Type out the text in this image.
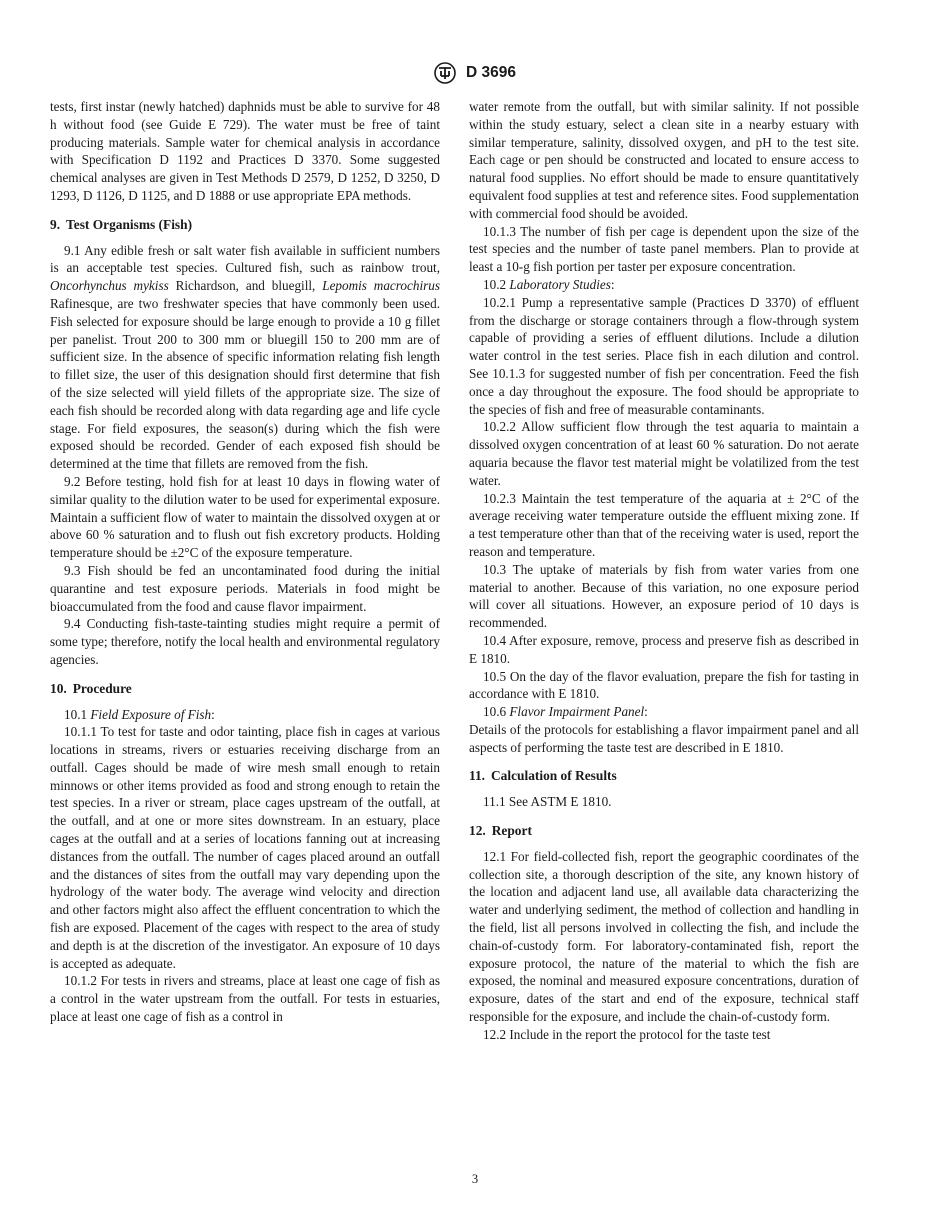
D 3696

tests, first instar (newly hatched) daphnids must be able to survive for 48 h without food (see Guide E 729). The water must be free of taint producing materials. Sample water for chemical analysis in accordance with Specification D 1192 and Practices D 3370. Some suggested chemical analyses are given in Test Methods D 2579, D 1252, D 3250, D 1293, D 1126, D 1125, and D 1888 or use appropriate EPA methods.

9. Test Organisms (Fish)

9.1 Any edible fresh or salt water fish available in sufficient numbers is an acceptable test species. Cultured fish, such as rainbow trout, Oncorhynchus mykiss Richardson, and bluegill, Lepomis macrochirus Rafinesque, are two freshwater species that have commonly been used. Fish selected for exposure should be large enough to provide a 10 g fillet per panelist. Trout 200 to 300 mm or bluegill 150 to 200 mm are of sufficient size. In the absence of specific information relating fish length to fillet size, the user of this designation should first determine that fish of the size selected will yield fillets of the appropriate size. The size of each fish should be recorded along with data regarding age and life cycle stage. For field exposures, the season(s) during which the fish were exposed should be recorded. Gender of each exposed fish should be determined at the time that fillets are removed from the fish.

9.2 Before testing, hold fish for at least 10 days in flowing water of similar quality to the dilution water to be used for experimental exposure. Maintain a sufficient flow of water to maintain the dissolved oxygen at or above 60 % saturation and to flush out fish excretory products. Holding temperature should be ±2°C of the exposure temperature.

9.3 Fish should be fed an uncontaminated food during the initial quarantine and test exposure periods. Materials in food might be bioaccumulated from the food and cause flavor impairment.

9.4 Conducting fish-taste-tainting studies might require a permit of some type; therefore, notify the local health and environmental regulatory agencies.

10. Procedure

10.1 Field Exposure of Fish:

10.1.1 To test for taste and odor tainting, place fish in cages at various locations in streams, rivers or estuaries receiving discharge from an outfall. Cages should be made of wire mesh small enough to retain minnows or other items provided as food and strong enough to retain the test species. In a river or stream, place cages upstream of the outfall, at the outfall, and at one or more sites downstream. In an estuary, place cages at the outfall and at a series of locations fanning out at increasing distances from the outfall. The number of cages placed around an outfall and the distances of sites from the outfall may vary depending upon the hydrology of the water body. The average wind velocity and direction and other factors might also affect the effluent concentration to which the fish are exposed. Placement of the cages with respect to the area of study and depth is at the discretion of the investigator. An exposure of 10 days is accepted as adequate.

10.1.2 For tests in rivers and streams, place at least one cage of fish as a control in the water upstream from the outfall. For tests in estuaries, place at least one cage of fish as a control in

water remote from the outfall, but with similar salinity. If not possible within the study estuary, select a clean site in a nearby estuary with similar temperature, salinity, dissolved oxygen, and pH to the test site. Each cage or pen should be constructed and located to ensure access to natural food supplies. No effort should be made to ensure quantitatively equivalent food supplies at test and reference sites. Food supplementation with commercial food should be avoided.

10.1.3 The number of fish per cage is dependent upon the size of the test species and the number of taste panel members. Plan to provide at least a 10-g fish portion per taster per exposure concentration.

10.2 Laboratory Studies:

10.2.1 Pump a representative sample (Practices D 3370) of effluent from the discharge or storage containers through a flow-through system capable of providing a series of effluent dilutions. Include a dilution water control in the test series. Place fish in each dilution and control. See 10.1.3 for suggested number of fish per concentration. Feed the fish once a day throughout the exposure. The food should be appropriate to the species of fish and free of measurable contaminants.

10.2.2 Allow sufficient flow through the test aquaria to maintain a dissolved oxygen concentration of at least 60 % saturation. Do not aerate aquaria because the flavor test material might be volatilized from the test water.

10.2.3 Maintain the test temperature of the aquaria at ± 2°C of the average receiving water temperature outside the effluent mixing zone. If a test temperature other than that of the receiving water is used, report the reason and temperature.

10.3 The uptake of materials by fish from water varies from one material to another. Because of this variation, no one exposure period will cover all situations. However, an exposure period of 10 days is recommended.

10.4 After exposure, remove, process and preserve fish as described in E 1810.

10.5 On the day of the flavor evaluation, prepare the fish for tasting in accordance with E 1810.

10.6 Flavor Impairment Panel:

Details of the protocols for establishing a flavor impairment panel and all aspects of performing the taste test are described in E 1810.

11. Calculation of Results

11.1 See ASTM E 1810.

12. Report

12.1 For field-collected fish, report the geographic coordinates of the collection site, a thorough description of the site, any known history of the location and adjacent land use, all available data characterizing the water and underlying sediment, the method of collection and handling in the field, list all persons involved in collecting the fish, and include the chain-of-custody form. For laboratory-contaminated fish, report the exposure protocol, the nature of the material to which the fish are exposed, the nominal and measured exposure concentrations, duration of exposure, dates of the start and end of the exposure, technical staff responsible for the exposure, and include the chain-of-custody form.

12.2 Include in the report the protocol for the taste test

3
